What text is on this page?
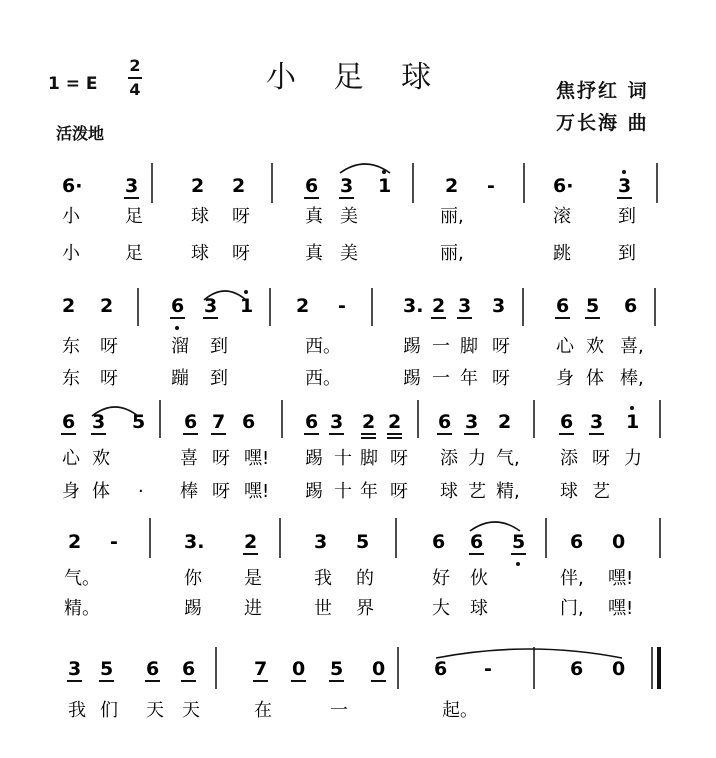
小 足 球
1 = E
2
4	焦抒红 词
万长海 曲
活泼地
6· 3	2 2	6 3 1	2 -	6· 3
小	足	球 呀	真 美	丽,	滚	到
小	足	球 呀	真 美	丽,	跳	到
2 2	6 3 1 2 -	3. 2 3 3	6 5 6
东 呀	溜 到	西。	踢 一 脚 呀	心 欢 喜,
东 呀	蹦 到	西。	踢 一 年 呀	身 体 棒,
6 3 5 6 7 6	6 3 2 2 6 3 2	6 3 1
心 欢	喜 呀 嘿! 踢 十 脚 呀 添 力 气, 添 呀 力
身 体 · 棒 呀 嘿! 踢 十 年 呀 球 艺 精, 球 艺
2 -	3. 2	3 5	6 6 5 6 0
气。	你 是	我 的	好 伙	伴, 嘿!
精。	踢 进	世 界	大 球	门, 嘿!
3 5 6 6	7 0 5 0	6 -	6 0
我 们 天 天	在	一	起。
